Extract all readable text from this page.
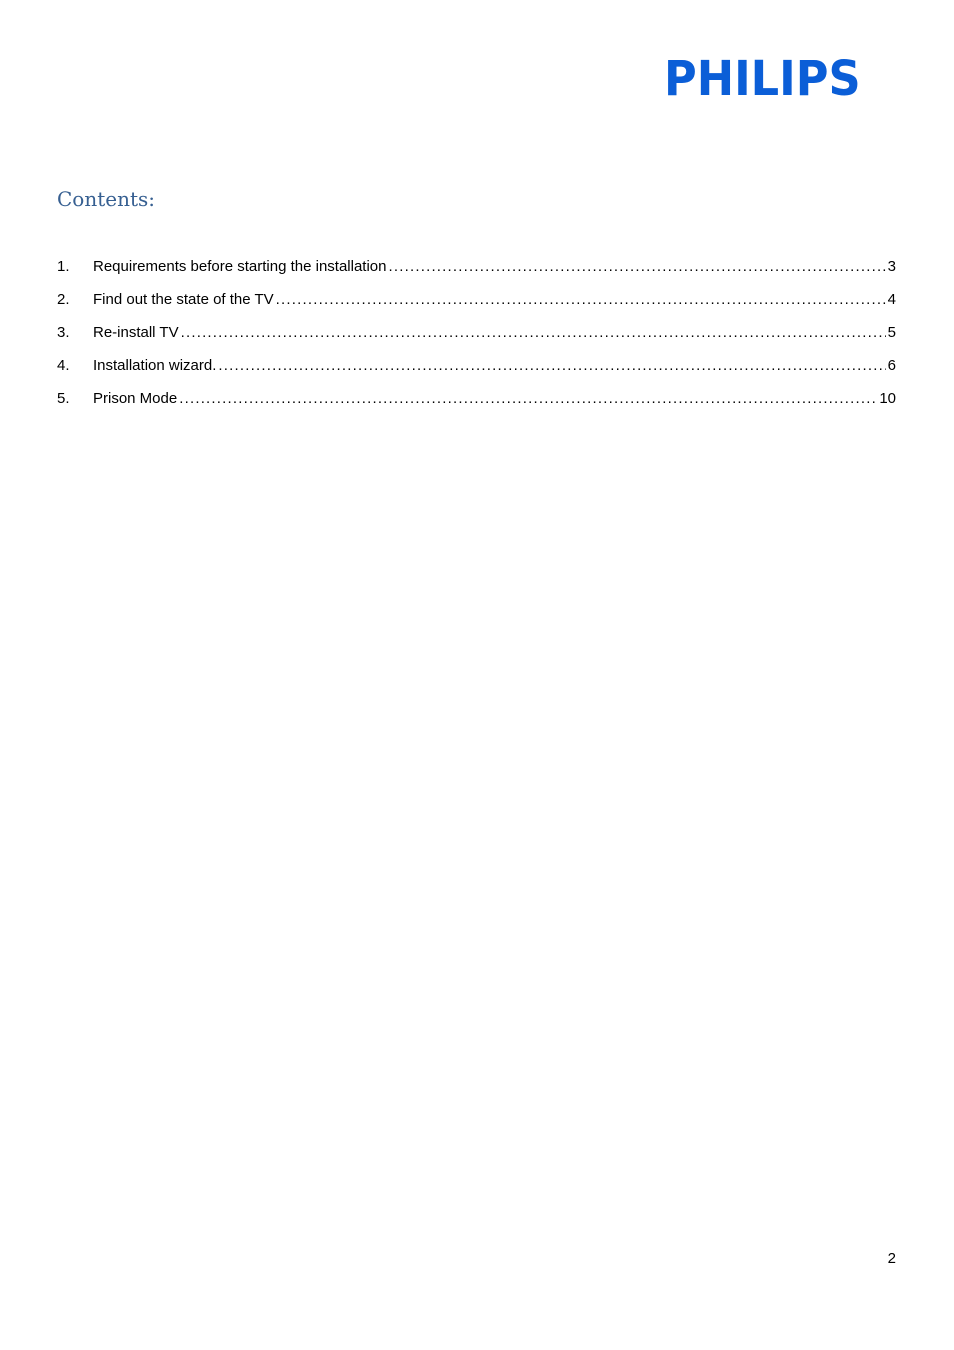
PHILIPS
Contents:
1.	Requirements before starting the installation .....	3
2.	Find out the state of the TV .....	4
3.	Re-install TV .....	5
4.	Installation wizard. .....	6
5.	Prison Mode .....	10
2
